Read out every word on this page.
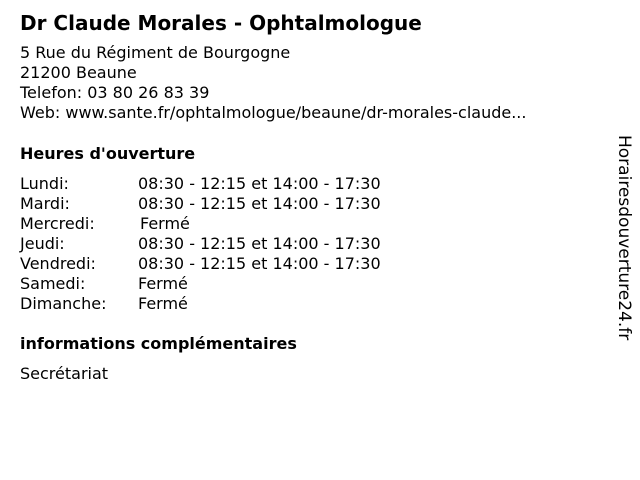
Dr Claude Morales - Ophtalmologue
5 Rue du Régiment de Bourgogne
21200 Beaune
Telefon: 03 80 26 83 39
Web: www.sante.fr/ophtalmologue/beaune/dr-morales-claude...
Heures d'ouverture
Lundi:	08:30 - 12:15 et 14:00 - 17:30
Mardi:	08:30 - 12:15 et 14:00 - 17:30
Mercredi:	Fermé
Jeudi:	08:30 - 12:15 et 14:00 - 17:30
Vendredi:	08:30 - 12:15 et 14:00 - 17:30
Samedi:	Fermé
Dimanche:	Fermé
informations complémentaires
Secrétariat
Horairesdouverture24.fr
